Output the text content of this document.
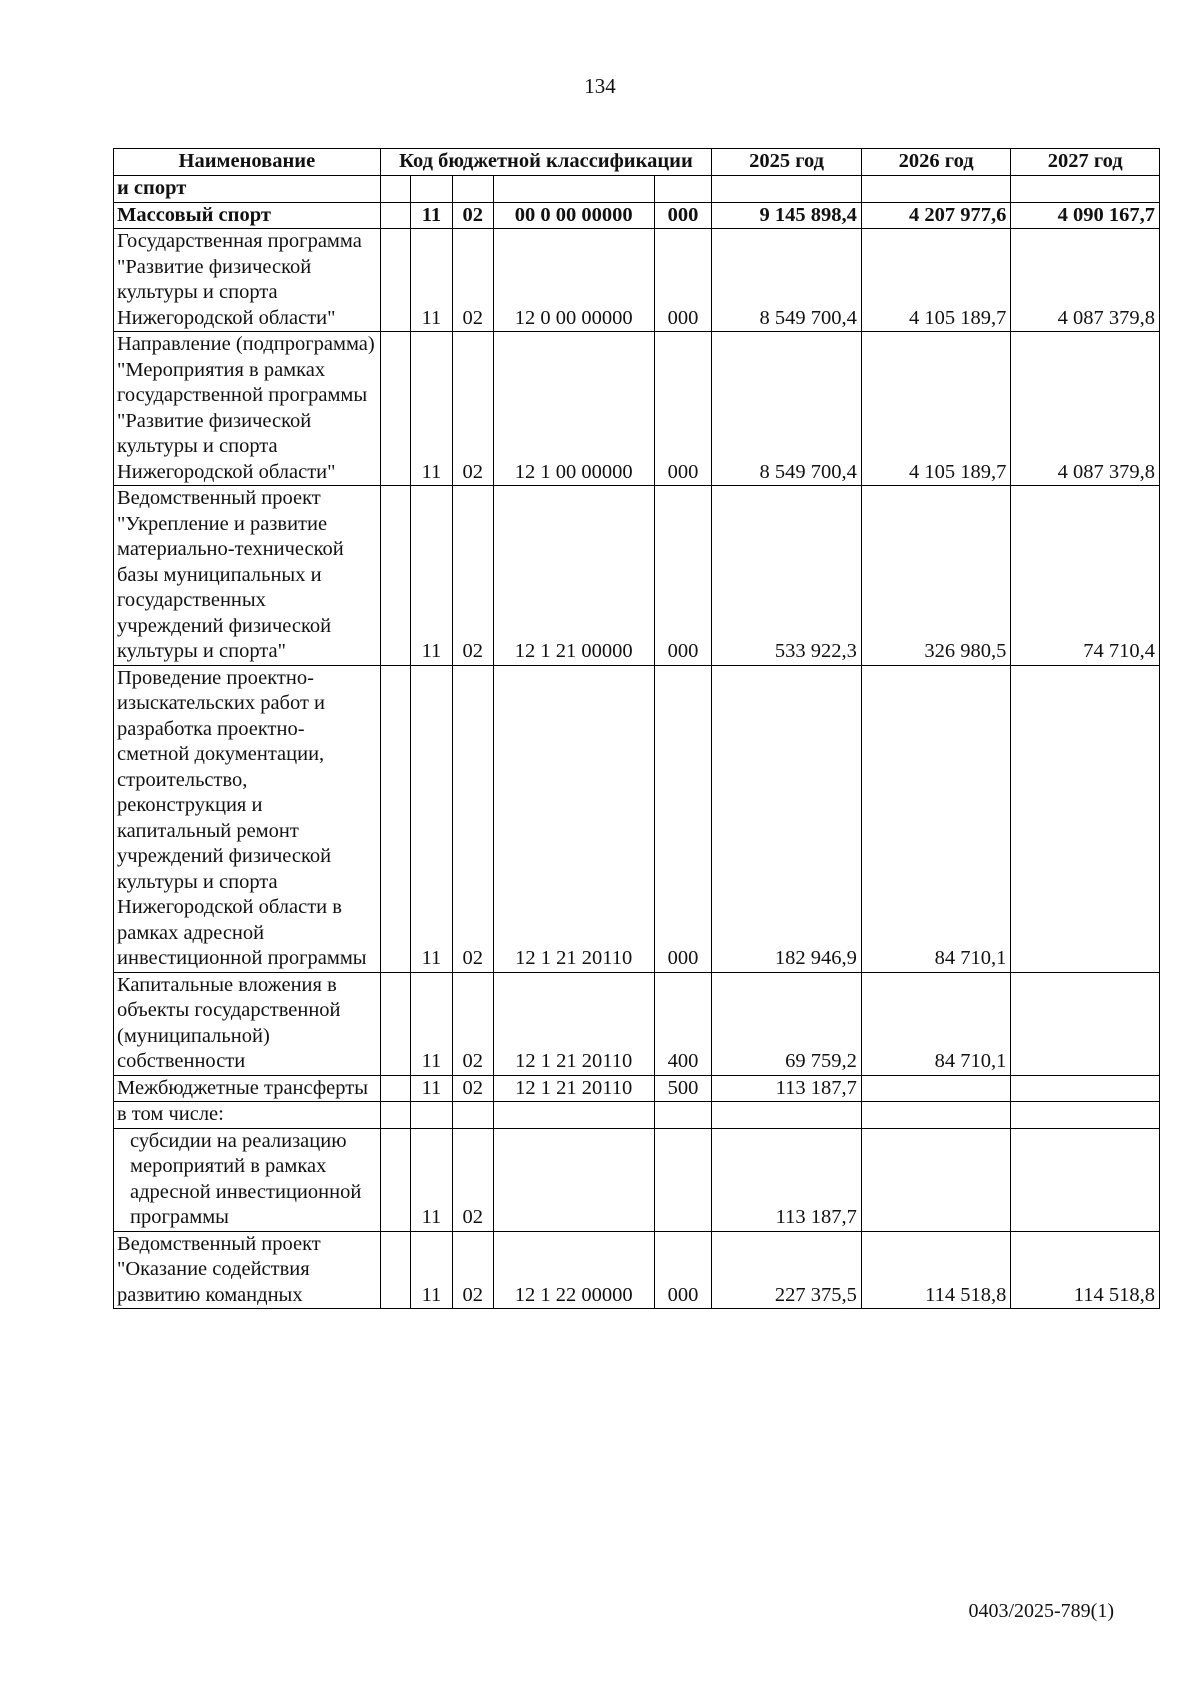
134
Наименование	Код бюджетной классификации					2025 год	2026 год	2027 год
и спорт								
Массовый спорт		11	02	00 0 00 00000	000	9 145 898,4	4 207 977,6	4 090 167,7
Государственная программа "Развитие физической культуры и спорта Нижегородской области"		11	02	12 0 00 00000	000	8 549 700,4	4 105 189,7	4 087 379,8
Направление (подпрограмма) "Мероприятия в рамках государственной программы "Развитие физической культуры и спорта Нижегородской области"		11	02	12 1 00 00000	000	8 549 700,4	4 105 189,7	4 087 379,8
Ведомственный проект "Укрепление и развитие материально-технической базы муниципальных и государственных учреждений физической культуры и спорта"		11	02	12 1 21 00000	000	533 922,3	326 980,5	74 710,4
Проведение проектно-изыскательских работ и разработка проектно-сметной документации, строительство, реконструкция и капитальный ремонт учреждений физической культуры и спорта Нижегородской области в рамках адресной инвестиционной программы		11	02	12 1 21 20110	000	182 946,9	84 710,1	
Капитальные вложения в объекты государственной (муниципальной) собственности		11	02	12 1 21 20110	400	69 759,2	84 710,1	
Межбюджетные трансферты		11	02	12 1 21 20110	500	113 187,7		
в том числе:								
субсидии на реализацию мероприятий в рамках адресной инвестиционной программы		11	02			113 187,7		
Ведомственный проект "Оказание содействия развитию командных		11	02	12 1 22 00000	000	227 375,5	114 518,8	114 518,8
0403/2025-789(1)
